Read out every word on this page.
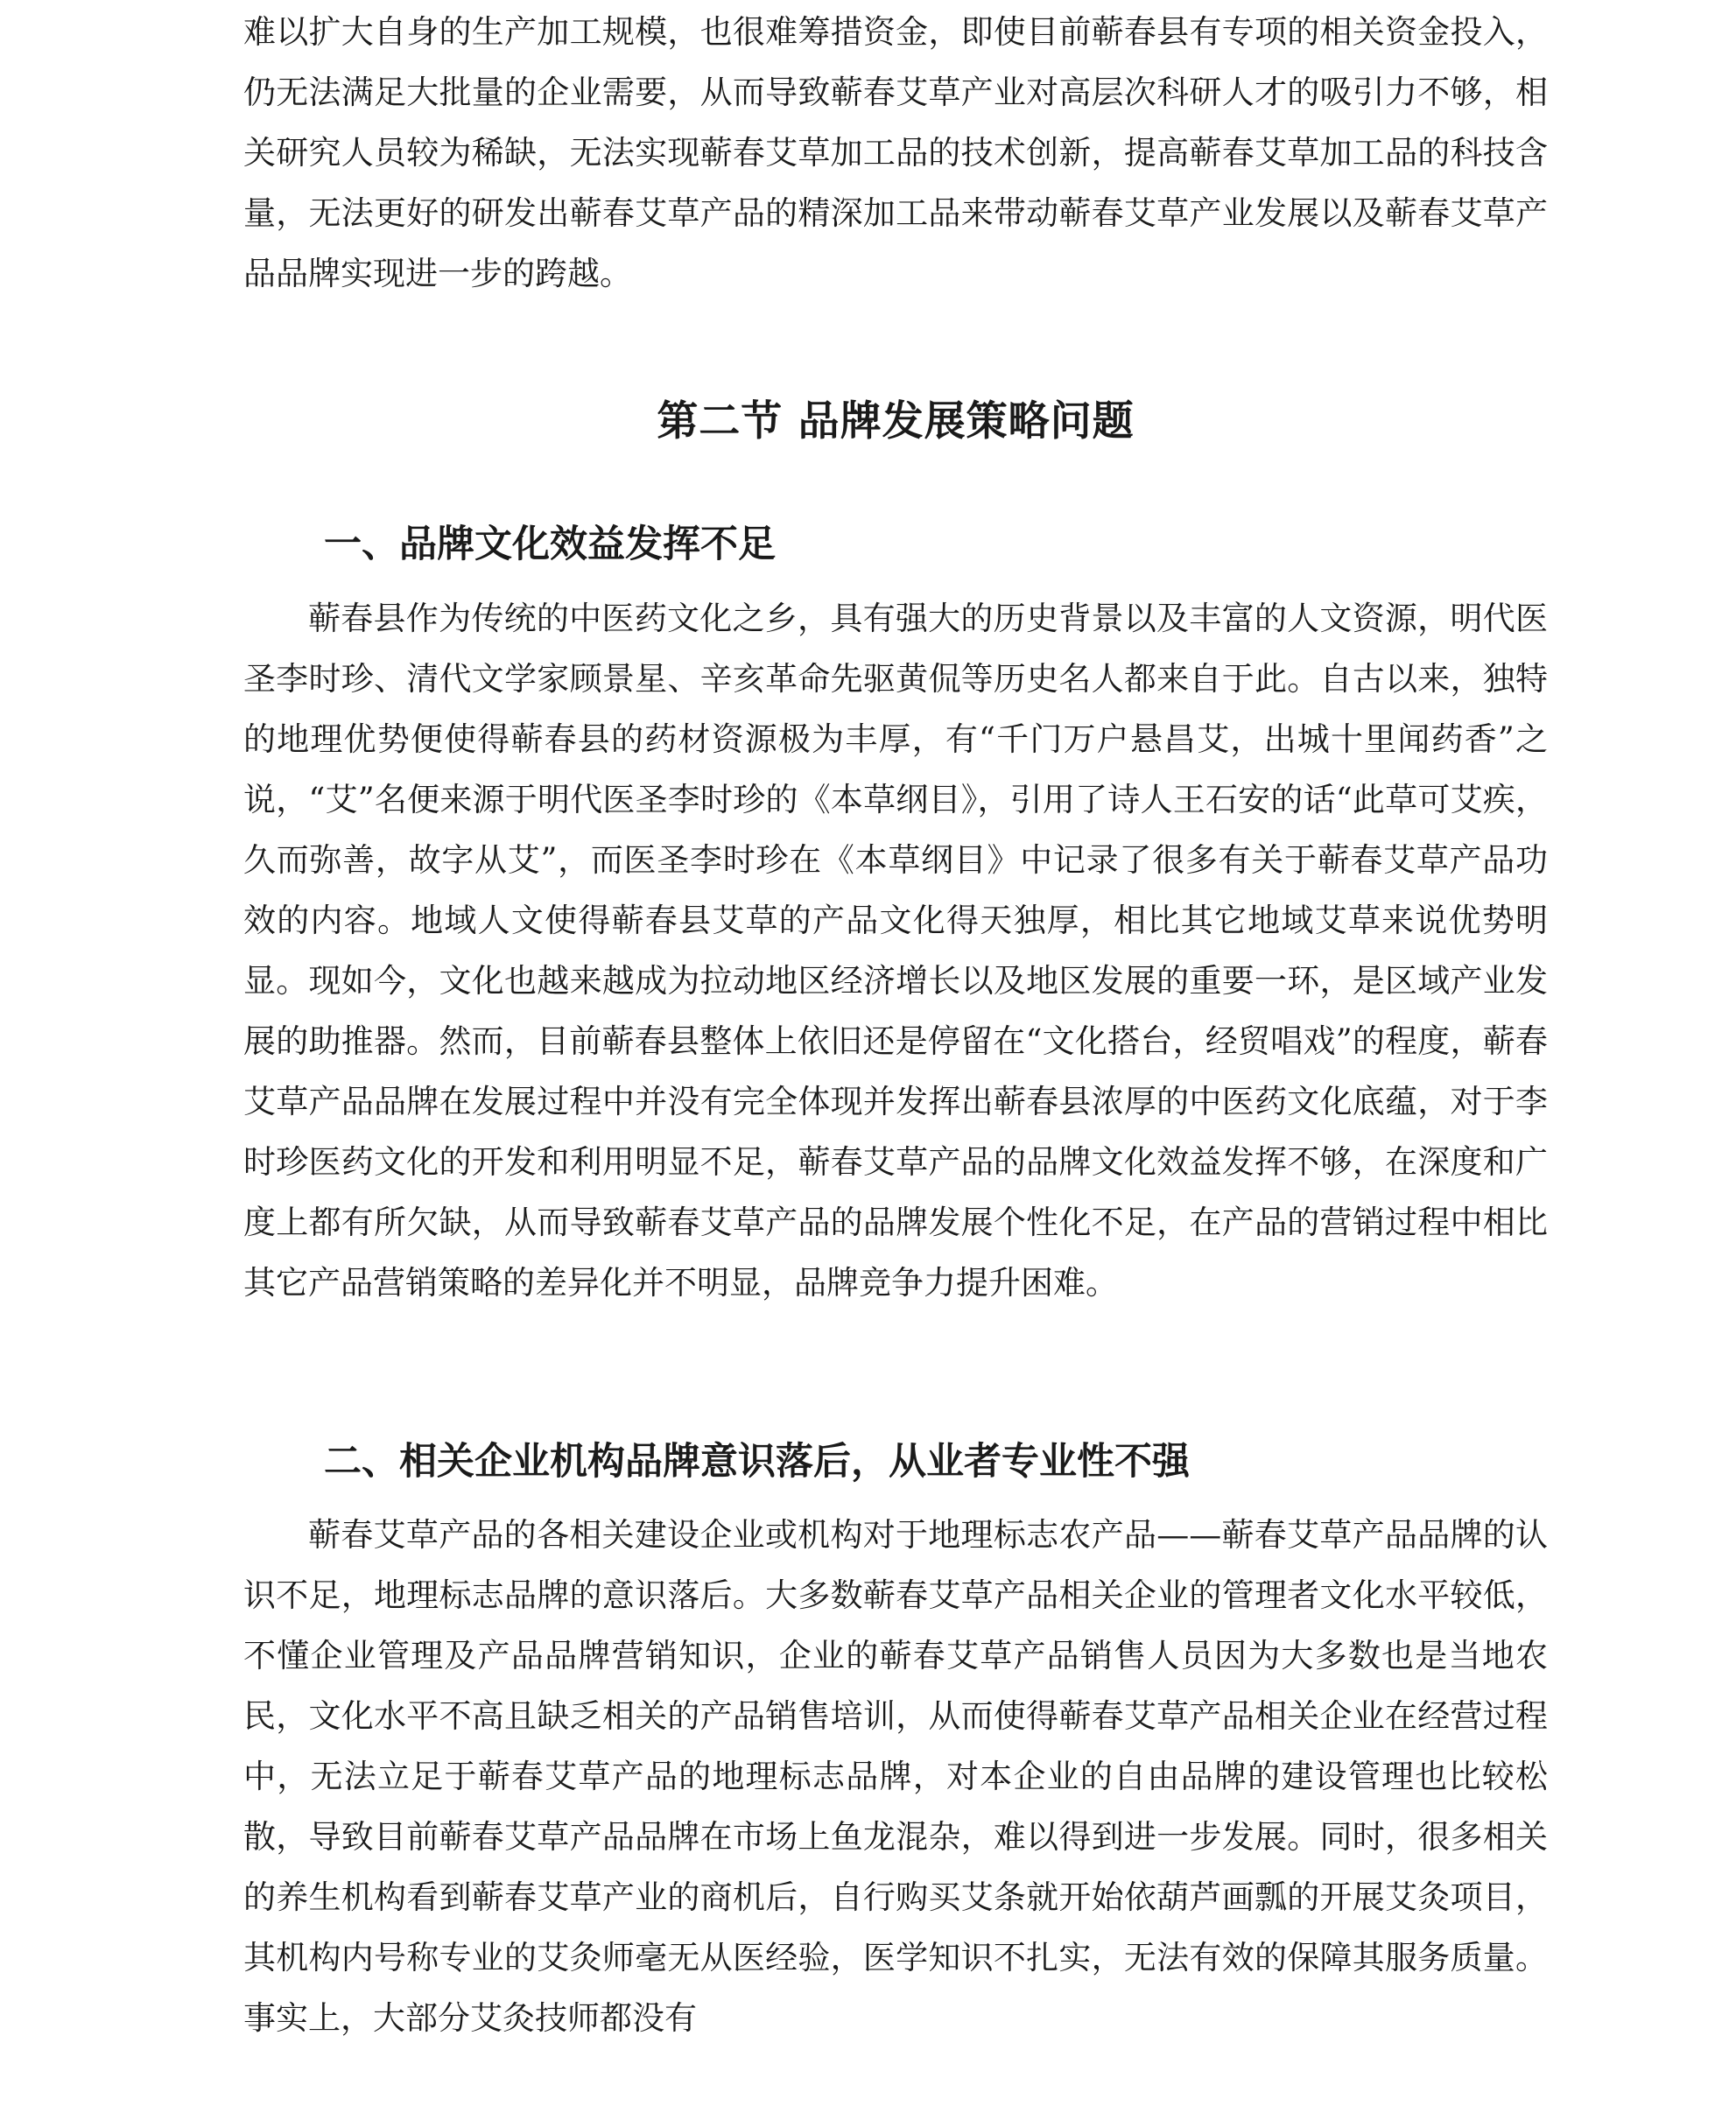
难以扩大自身的生产加工规模，也很难筹措资金，即使目前蕲春县有专项的相关资金投入，仍无法满足大批量的企业需要，从而导致蕲春艾草产业对高层次科研人才的吸引力不够，相关研究人员较为稀缺，无法实现蕲春艾草加工品的技术创新，提高蕲春艾草加工品的科技含量，无法更好的研发出蕲春艾草产品的精深加工品来带动蕲春艾草产业发展以及蕲春艾草产品品牌实现进一步的跨越。

第二节 品牌发展策略问题
一、品牌文化效益发挥不足

蕲春县作为传统的中医药文化之乡，具有强大的历史背景以及丰富的人文资源，明代医圣李时珍、清代文学家顾景星、辛亥革命先驱黄侃等历史名人都来自于此。自古以来，独特的地理优势便使得蕲春县的药材资源极为丰厚，有“千门万户悬昌艾，出城十里闻药香”之说，“艾”名便来源于明代医圣李时珍的《本草纲目》，引用了诗人王石安的话“此草可艾疾，久而弥善，故字从艾”，而医圣李时珍在《本草纲目》中记录了很多有关于蕲春艾草产品功效的内容。地域人文使得蕲春县艾草的产品文化得天独厚，相比其它地域艾草来说优势明显。现如今，文化也越来越成为拉动地区经济增长以及地区发展的重要一环，是区域产业发展的助推器。然而，目前蕲春县整体上依旧还是停留在“文化搭台，经贸唱戏”的程度，蕲春艾草产品品牌在发展过程中并没有完全体现并发挥出蕲春县浓厚的中医药文化底蕴，对于李时珍医药文化的开发和利用明显不足，蕲春艾草产品的品牌文化效益发挥不够，在深度和广度上都有所欠缺，从而导致蕲春艾草产品的品牌发展个性化不足，在产品的营销过程中相比其它产品营销策略的差异化并不明显，品牌竞争力提升困难。

二、相关企业机构品牌意识落后，从业者专业性不强

蕲春艾草产品的各相关建设企业或机构对于地理标志农产品——蕲春艾草产品品牌的认识不足，地理标志品牌的意识落后。大多数蕲春艾草产品相关企业的管理者文化水平较低，不懂企业管理及产品品牌营销知识，企业的蕲春艾草产品销售人员因为大多数也是当地农民，文化水平不高且缺乏相关的产品销售培训，从而使得蕲春艾草产品相关企业在经营过程中，无法立足于蕲春艾草产品的地理标志品牌，对本企业的自由品牌的建设管理也比较松散，导致目前蕲春艾草产品品牌在市场上鱼龙混杂，难以得到进一步发展。同时，很多相关的养生机构看到蕲春艾草产业的商机后，自行购买艾条就开始依葫芦画瓢的开展艾灸项目，其机构内号称专业的艾灸师毫无从医经验，医学知识不扎实，无法有效的保障其服务质量。事实上，大部分艾灸技师都没有
